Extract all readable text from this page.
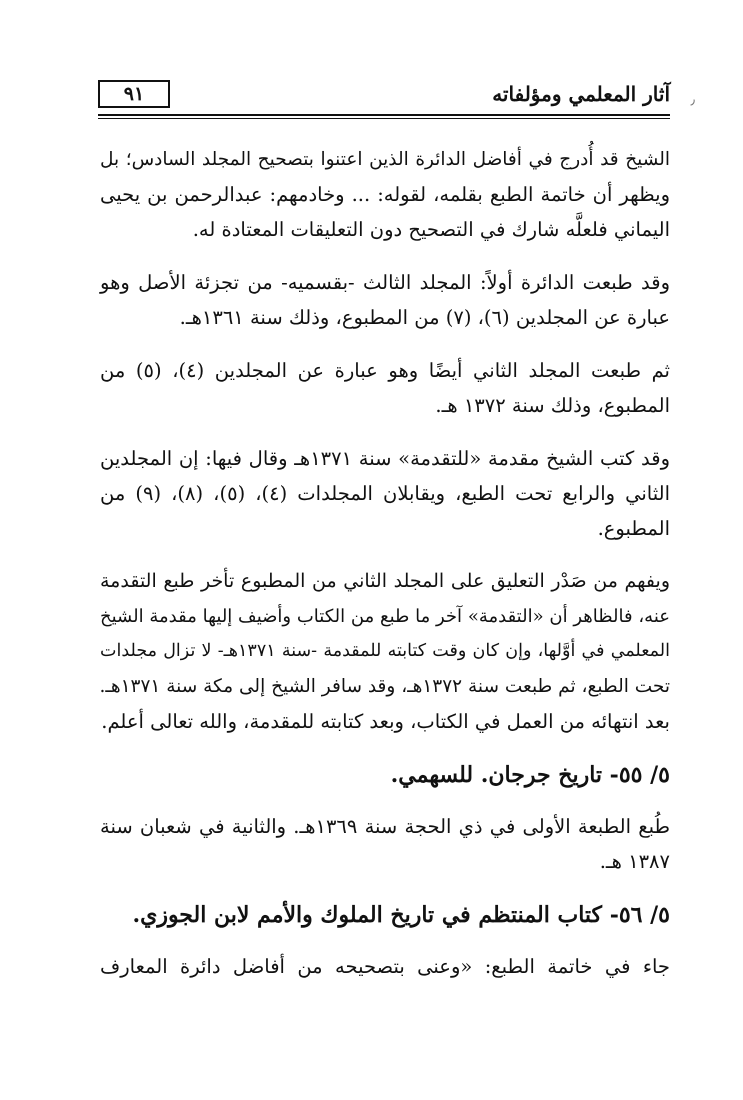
آثار المعلمي ومؤلفاته
٩١	٫

الشيخ قد أُدرج في أفاضل الدائرة الذين اعتنوا بتصحيح المجلد السادس؛ بل
ويظهر أن خاتمة الطبع بقلمه، لقوله: ... وخادمهم: عبدالرحمن بن يحيى
اليماني فلعلَّه شارك في التصحيح دون التعليقات المعتادة له.

وقد طبعت الدائرة أولاً: المجلد الثالث -بقسميه- من تجزئة الأصل وهو
عبارة عن المجلدين (٦)، (٧) من المطبوع، وذلك سنة ١٣٦١هـ.

ثم طبعت المجلد الثاني أيضًا وهو عبارة عن المجلدين (٤)، (٥) من
المطبوع، وذلك سنة ١٣٧٢ هـ.

وقد كتب الشيخ مقدمة «للتقدمة» سنة ١٣٧١هـ وقال فيها: إن المجلدين
الثاني والرابع تحت الطبع، ويقابلان المجلدات (٤)، (٥)، (٨)، (٩) من
المطبوع.

ويفهم من صَدْر التعليق على المجلد الثاني من المطبوع تأخر طبع التقدمة
عنه، فالظاهر أن «التقدمة» آخر ما طبع من الكتاب وأضيف إليها مقدمة الشيخ
المعلمي في أوَّلها، وإن كان وقت كتابته للمقدمة -سنة ١٣٧١هـ- لا تزال مجلدات
تحت الطبع، ثم طبعت سنة ١٣٧٢هـ، وقد سافر الشيخ إلى مكة سنة ١٣٧١هـ.
بعد انتهائه من العمل في الكتاب، وبعد كتابته للمقدمة، والله تعالى أعلم.

٥/ ٥٥- تاريخ جرجان. للسهمي.

طُبع الطبعة الأولى في ذي الحجة سنة ١٣٦٩هـ. والثانية في شعبان سنة
١٣٨٧ هـ.

٥/ ٥٦- كتاب المنتظم في تاريخ الملوك والأمم لابن الجوزي.

جاء في خاتمة الطبع: «وعنى بتصحيحه من أفاضل دائرة المعارف
